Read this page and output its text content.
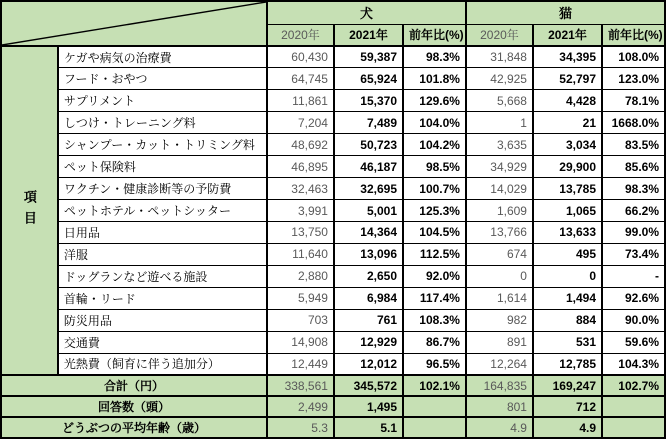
	犬			猫		
		2020年	2021年	前年比(%)	2020年	2021年	前年比(%)
項目	ケガや病気の治療費	60,430	59,387	98.3%	31,848	34,395	108.0%
	フード・おやつ	64,745	65,924	101.8%	42,925	52,797	123.0%
	サプリメント	11,861	15,370	129.6%	5,668	4,428	78.1%
	しつけ・トレーニング料	7,204	7,489	104.0%	1	21	1668.0%
	シャンプー・カット・トリミング料	48,692	50,723	104.2%	3,635	3,034	83.5%
	ペット保険料	46,895	46,187	98.5%	34,929	29,900	85.6%
	ワクチン・健康診断等の予防費	32,463	32,695	100.7%	14,029	13,785	98.3%
	ペットホテル・ペットシッター	3,991	5,001	125.3%	1,609	1,065	66.2%
	日用品	13,750	14,364	104.5%	13,766	13,633	99.0%
	洋服	11,640	13,096	112.5%	674	495	73.4%
	ドッグランなど遊べる施設	2,880	2,650	92.0%	0	0	-
	首輪・リード	5,949	6,984	117.4%	1,614	1,494	92.6%
	防災用品	703	761	108.3%	982	884	90.0%
	交通費	14,908	12,929	86.7%	891	531	59.6%
	光熱費（飼育に伴う追加分）	12,449	12,012	96.5%	12,264	12,785	104.3%
合計（円）		338,561	345,572	102.1%	164,835	169,247	102.7%
回答数（頭）		2,499	1,495		801	712	
どうぶつの平均年齢（歳）		5.3	5.1		4.9	4.9	
